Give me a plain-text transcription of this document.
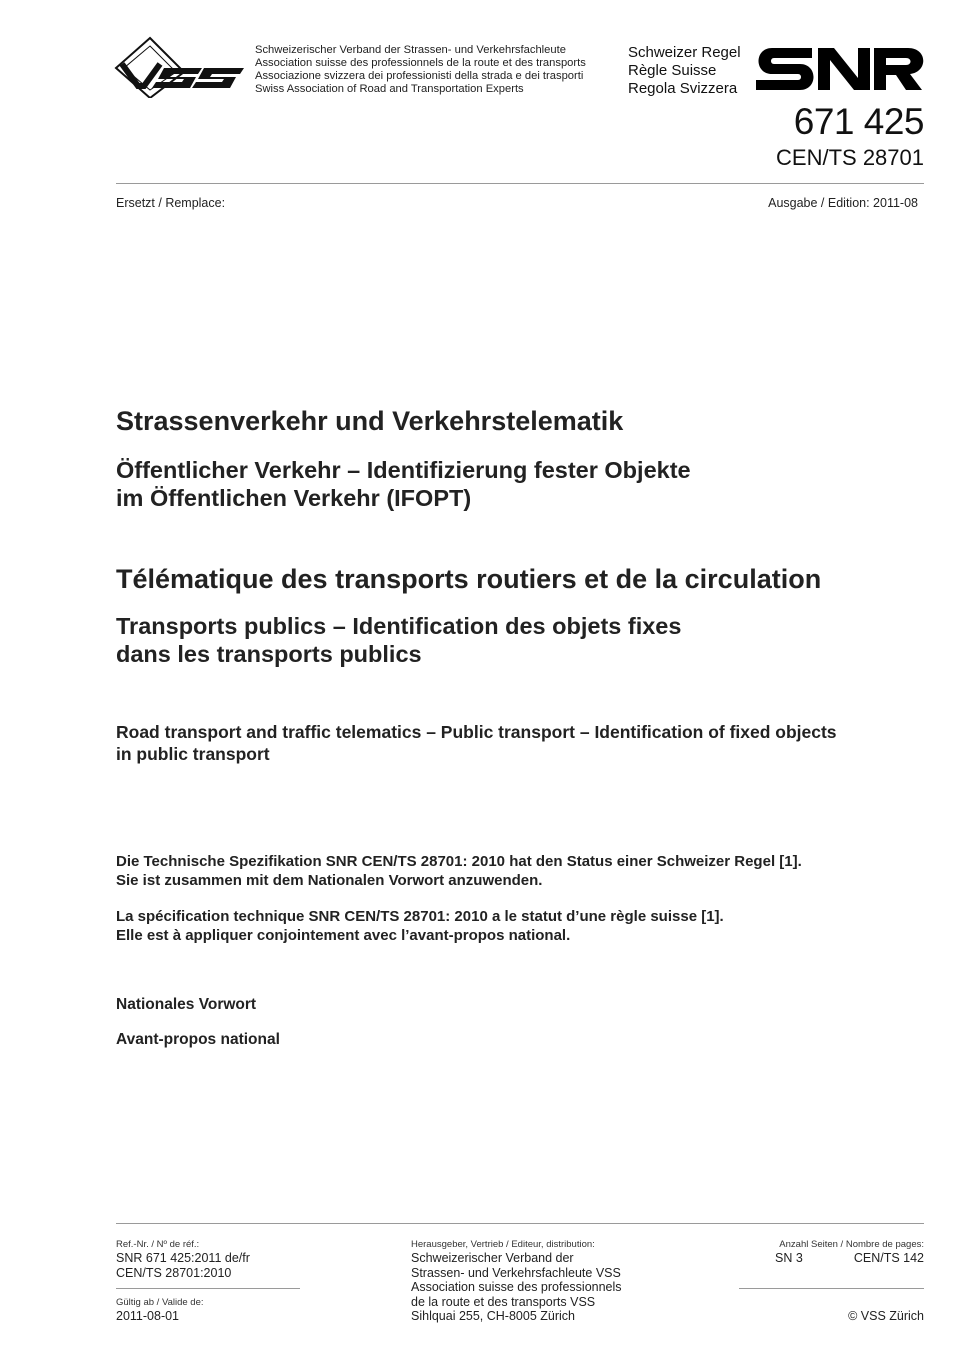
Schweizerischer Verband der Strassen- und Verkehrsfachleute
Association suisse des professionnels de la route et des transports
Associazione svizzera dei professionisti della strada e dei trasporti
Swiss Association of Road and Transportation Experts
Schweizer Regel
Règle Suisse
Regola Svizzera
671 425
CEN/TS 28701
Ersetzt / Remplace:	Ausgabe / Edition: 2011-08
Strassenverkehr und Verkehrstelematik
Öffentlicher Verkehr – Identifizierung fester Objekte
im Öffentlichen Verkehr (IFOPT)
Télématique des transports routiers et de la circulation
Transports publics – Identification des objets fixes
dans les transports publics
Road transport and traffic telematics – Public transport – Identification of fixed objects
in public transport
Die Technische Spezifikation SNR CEN/TS 28701: 2010 hat den Status einer Schweizer Regel [1].
Sie ist zusammen mit dem Nationalen Vorwort anzuwenden.
La spécification technique SNR CEN/TS 28701: 2010 a le statut d’une règle suisse [1].
Elle est à appliquer conjointement avec l’avant-propos national.
Nationales Vorwort
Avant-propos national
Ref.-Nr. / Nº de réf.:
SNR 671 425:2011 de/fr
CEN/TS 28701:2010
Gültig ab / Valide de:
2011-08-01
Herausgeber, Vertrieb / Editeur, distribution:
Schweizerischer Verband der
Strassen- und Verkehrsfachleute VSS
Association suisse des professionnels
de la route et des transports VSS
Sihlquai 255, CH-8005 Zürich
Anzahl Seiten / Nombre de pages:
SN 3	CEN/TS 142
© VSS Zürich
